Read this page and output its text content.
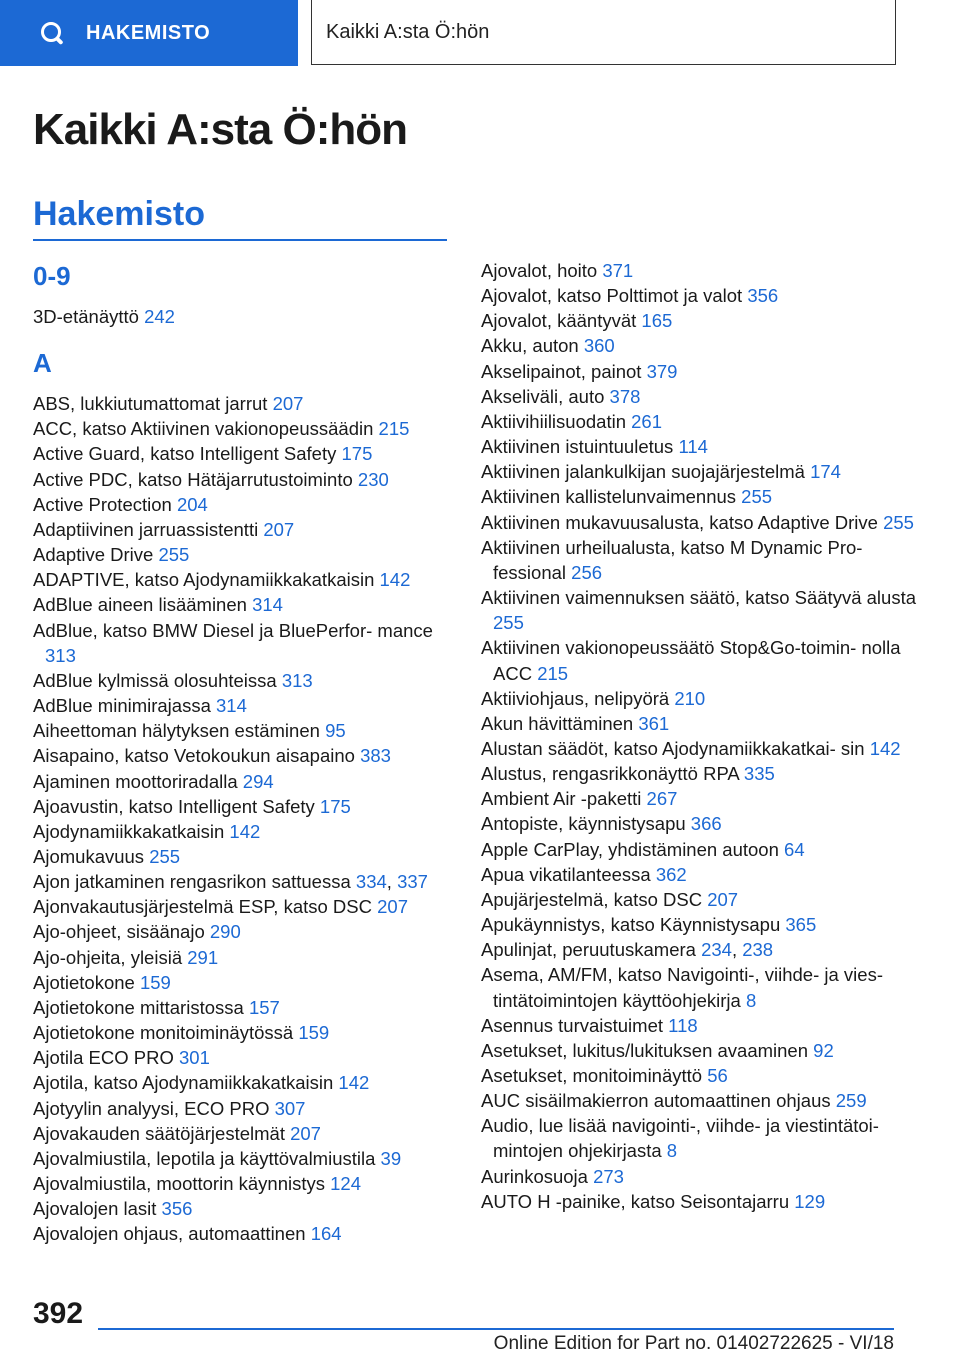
HAKEMISTO	Kaikki A:sta Ö:hön
Kaikki A:sta Ö:hön
Hakemisto
0-9
3D-etänäyttö 242
A
ABS, lukkiutumattomat jarrut 207
ACC, katso Aktiivinen vakionopeussäädin 215
Active Guard, katso Intelligent Safety 175
Active PDC, katso Hätäjarrutustoiminto 230
Active Protection 204
Adaptiivinen jarruassistentti 207
Adaptive Drive 255
ADAPTIVE, katso Ajodynamiikkakatkaisin 142
AdBlue aineen lisääminen 314
AdBlue, katso BMW Diesel ja BluePerfor‐ mance 313
AdBlue kylmissä olosuhteissa 313
AdBlue minimirajassa 314
Aiheettoman hälytyksen estäminen 95
Aisapaino, katso Vetokoukun aisapaino 383
Ajaminen moottoriradalla 294
Ajoavustin, katso Intelligent Safety 175
Ajodynamiikkakatkaisin 142
Ajomukavuus 255
Ajon jatkaminen rengasrikon sattuessa 334, 337
Ajonvakautusjärjestelmä ESP, katso DSC 207
Ajo-ohjeet, sisäänajo 290
Ajo-ohjeita, yleisiä 291
Ajotietokone 159
Ajotietokone mittaristossa 157
Ajotietokone monitoiminäytössä 159
Ajotila ECO PRO 301
Ajotila, katso Ajodynamiikkakatkaisin 142
Ajotyylin analyysi, ECO PRO 307
Ajovakauden säätöjärjestelmät 207
Ajovalmiustila, lepotila ja käyttövalmiustila 39
Ajovalmiustila, moottorin käynnistys 124
Ajovalojen lasit 356
Ajovalojen ohjaus, automaattinen 164
Ajovalot, hoito 371
Ajovalot, katso Polttimot ja valot 356
Ajovalot, kääntyvät 165
Akku, auton 360
Akselipainot, painot 379
Akseliväli, auto 378
Aktiivihiilisuodatin 261
Aktiivinen istuintuuletus 114
Aktiivinen jalankulkijan suojajärjestelmä 174
Aktiivinen kallistelunvaimennus 255
Aktiivinen mukavuusalusta, katso Adaptive Drive 255
Aktiivinen urheilualusta, katso M Dynamic Pro‐ fessional 256
Aktiivinen vaimennuksen säätö, katso Säätyvä alusta 255
Aktiivinen vakionopeussäätö Stop&Go-toimin‐ nolla ACC 215
Aktiiviohjaus, nelipyörä 210
Akun hävittäminen 361
Alustan säädöt, katso Ajodynamiikkakatkai‐ sin 142
Alustus, rengasrikkonäyttö RPA 335
Ambient Air -paketti 267
Antopiste, käynnistysapu 366
Apple CarPlay, yhdistäminen autoon 64
Apua vikatilanteessa 362
Apujärjestelmä, katso DSC 207
Apukäynnistys, katso Käynnistysapu 365
Apulinjat, peruutuskamera 234, 238
Asema, AM/FM, katso Navigointi-, viihde- ja vies‐ tintätoimintojen käyttöohjekirja 8
Asennus turvaistuimet 118
Asetukset, lukitus/lukituksen avaaminen 92
Asetukset, monitoiminäyttö 56
AUC sisäilmakierron automaattinen ohjaus 259
Audio, lue lisää navigointi-, viihde- ja viestintätoi‐ mintojen ohjekirjasta 8
Aurinkosuoja 273
AUTO H -painike, katso Seisontajarru 129
392
Online Edition for Part no. 01402722625 - VI/18
